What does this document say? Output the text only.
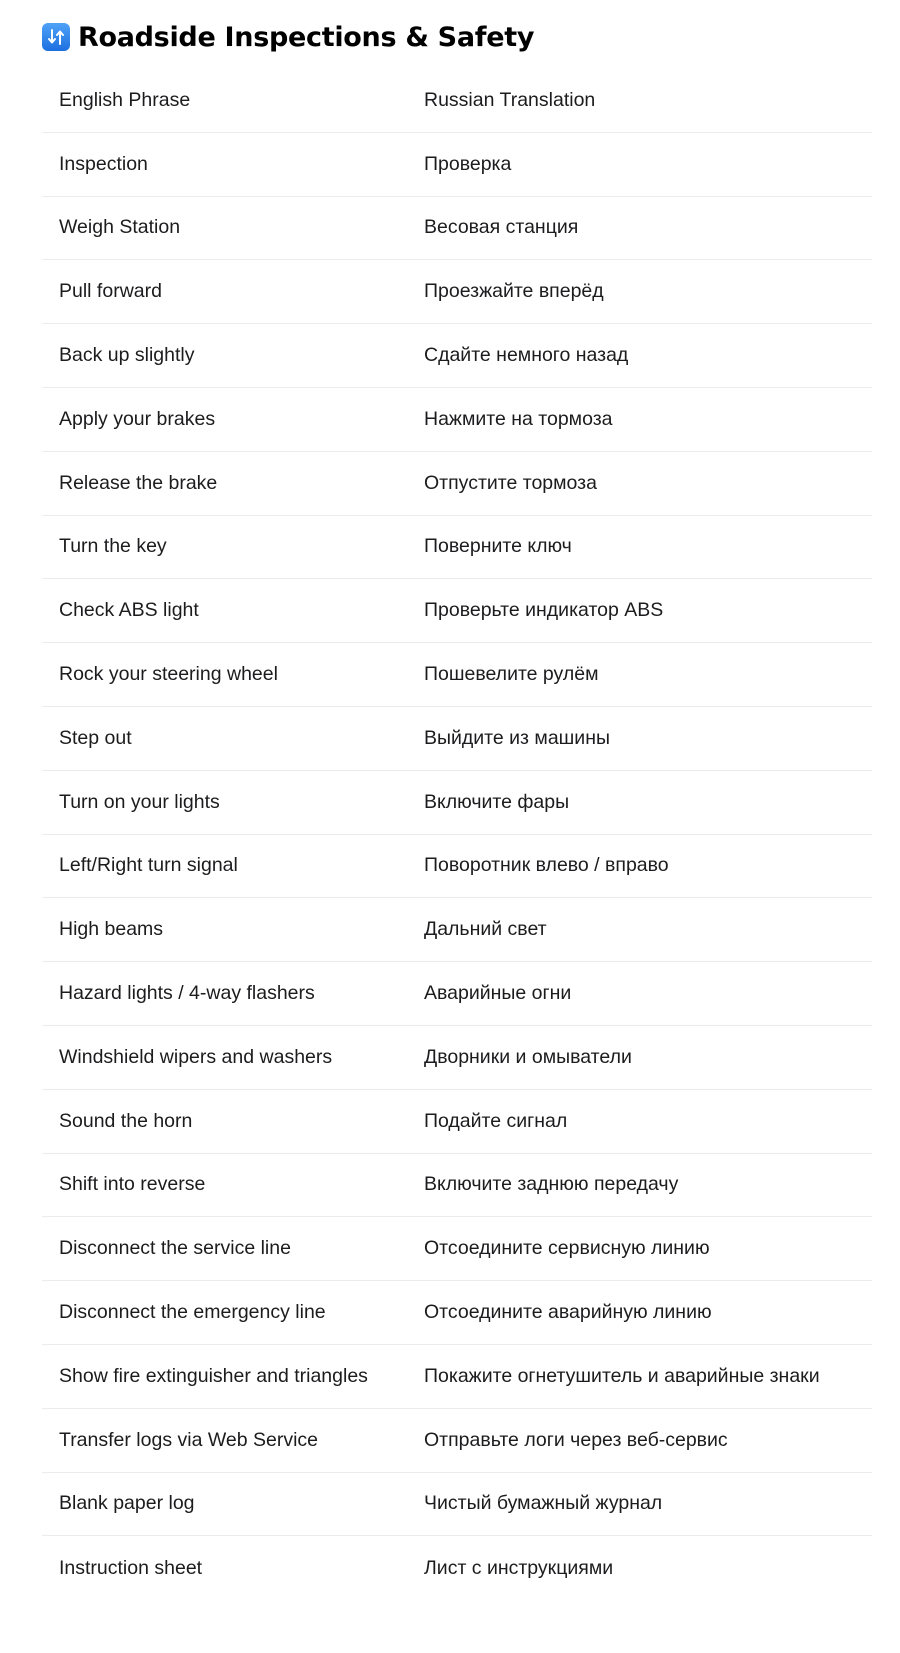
Roadside Inspections & Safety
English Phrase	Russian Translation
Inspection	Проверка
Weigh Station	Весовая станция
Pull forward	Проезжайте вперёд
Back up slightly	Сдайте немного назад
Apply your brakes	Нажмите на тормоза
Release the brake	Отпустите тормоза
Turn the key	Поверните ключ
Check ABS light	Проверьте индикатор ABS
Rock your steering wheel	Пошевелите рулём
Step out	Выйдите из машины
Turn on your lights	Включите фары
Left/Right turn signal	Поворотник влево / вправо
High beams	Дальний свет
Hazard lights / 4-way flashers	Аварийные огни
Windshield wipers and washers	Дворники и омыватели
Sound the horn	Подайте сигнал
Shift into reverse	Включите заднюю передачу
Disconnect the service line	Отсоедините сервисную линию
Disconnect the emergency line	Отсоедините аварийную линию
Show fire extinguisher and triangles	Покажите огнетушитель и аварийные знаки
Transfer logs via Web Service	Отправьте логи через веб-сервис
Blank paper log	Чистый бумажный журнал
Instruction sheet	Лист с инструкциями
